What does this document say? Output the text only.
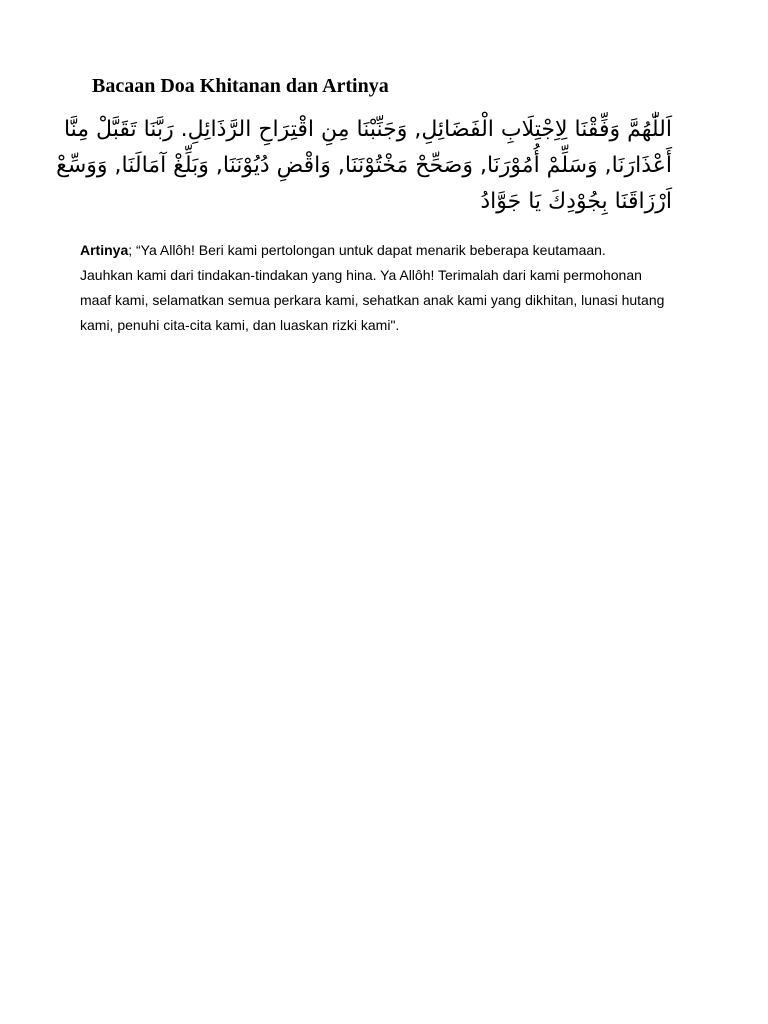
Bacaan Doa Khitanan dan Artinya
اَللّٰهُمَّ وَفِّقْنَا لِاِجْتِلَابِ الْفَضَائِلِ, وَجَنِّبْنَا مِنِ اقْتِرَاحِ الرَّذَائِلِ. رَبَّنَا تَقَبَّلْ مِنَّا
أَعْذَارَنَا, وَسَلِّمْ أُمُوْرَنَا, وَصَحِّحْ مَخْتُوْنَنَا, وَاقْضِ دُيُوْنَنَا, وَبَلِّغْ آمَالَنَا, وَوَسِّعْ
اَرْزَاقَنَا بِجُوْدِكَ يَا جَوَّادُ
Artinya; “Ya Allôh! Beri kami pertolongan untuk dapat menarik beberapa keutamaan.
Jauhkan kami dari tindakan-tindakan yang hina. Ya Allôh! Terimalah dari kami permohonan
maaf kami, selamatkan semua perkara kami, sehatkan anak kami yang dikhitan, lunasi hutang
kami, penuhi cita-cita kami, dan luaskan rizki kami".
